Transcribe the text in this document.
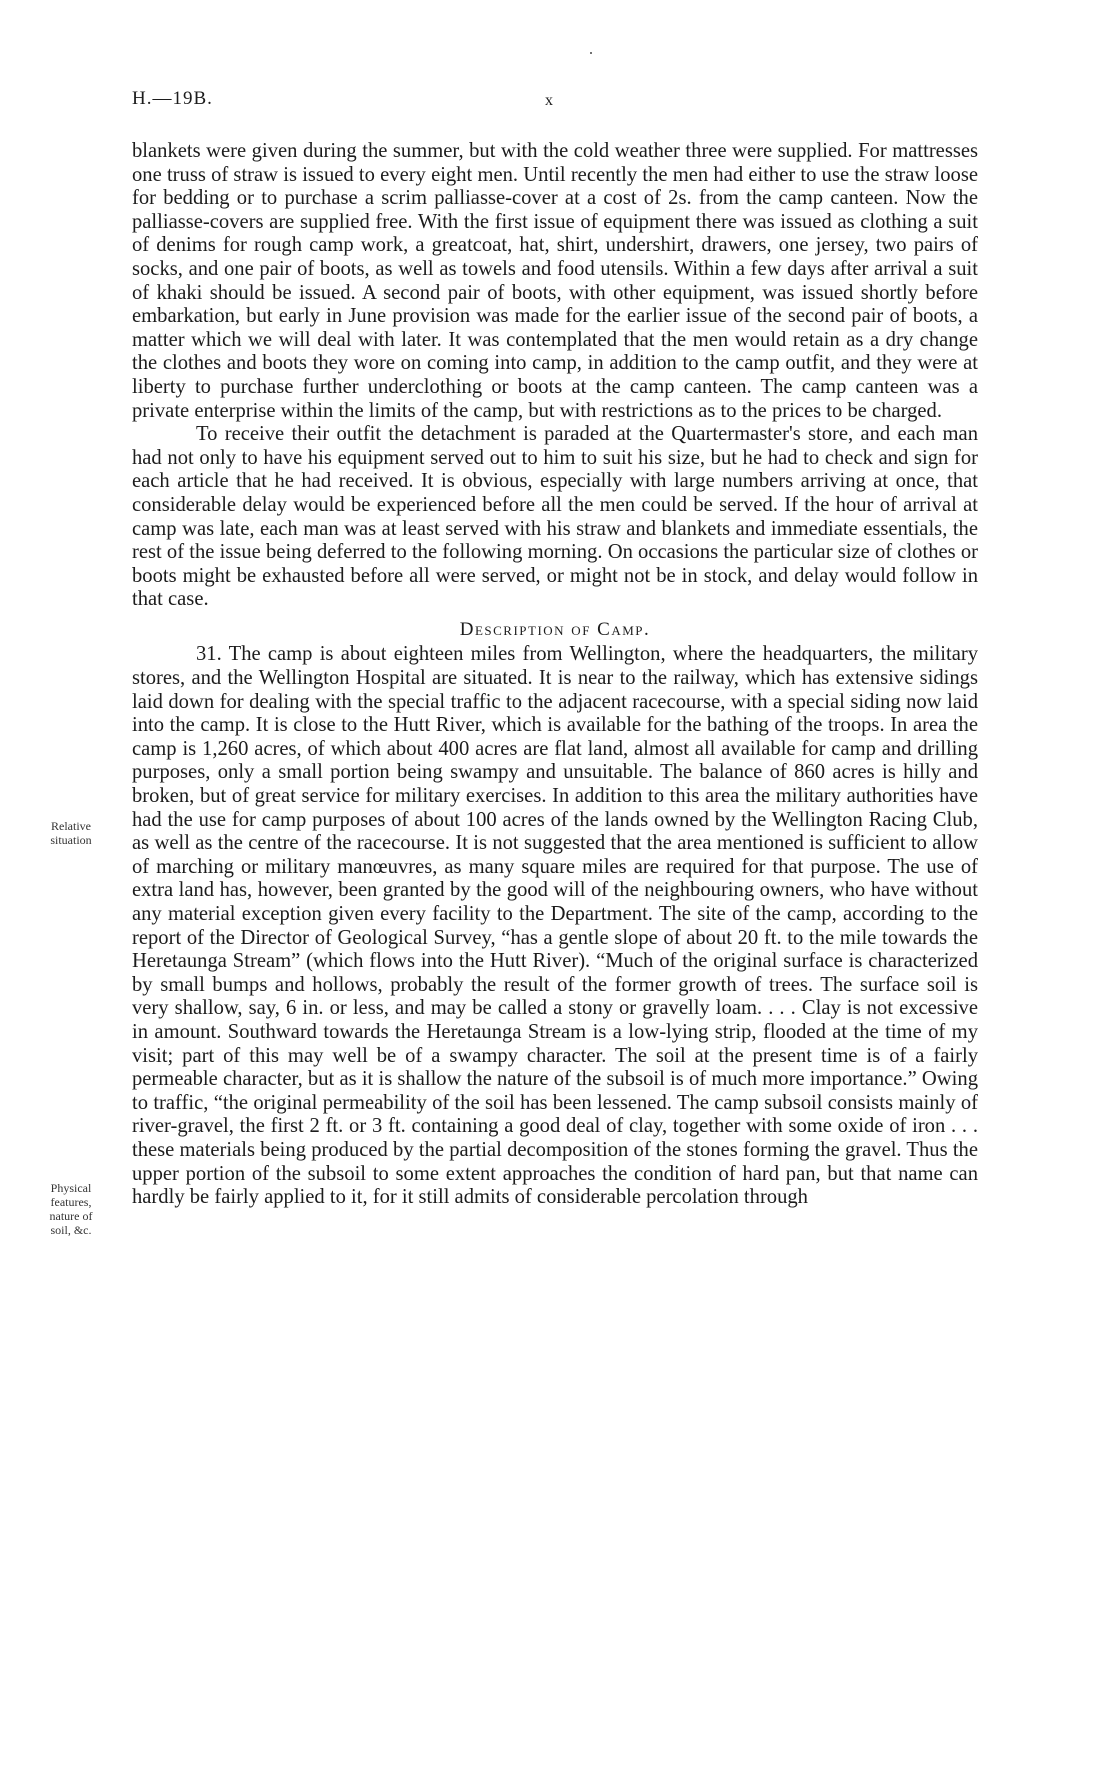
H.—19B.	x
Relative
situation
Physical
features,
nature of
soil, &c.

blankets were given during the summer, but with the cold weather three were supplied. For mattresses one truss of straw is issued to every eight men. Until recently the men had either to use the straw loose for bedding or to purchase a scrim palliasse-cover at a cost of 2s. from the camp canteen. Now the palliasse-covers are supplied free. With the first issue of equipment there was issued as clothing a suit of denims for rough camp work, a greatcoat, hat, shirt, undershirt, drawers, one jersey, two pairs of socks, and one pair of boots, as well as towels and food utensils. Within a few days after arrival a suit of khaki should be issued. A second pair of boots, with other equipment, was issued shortly before embarkation, but early in June provision was made for the earlier issue of the second pair of boots, a matter which we will deal with later. It was contemplated that the men would retain as a dry change the clothes and boots they wore on coming into camp, in addition to the camp outfit, and they were at liberty to purchase further underclothing or boots at the camp canteen. The camp canteen was a private enterprise within the limits of the camp, but with restrictions as to the prices to be charged.

To receive their outfit the detachment is paraded at the Quartermaster's store, and each man had not only to have his equipment served out to him to suit his size, but he had to check and sign for each article that he had received. It is obvious, especially with large numbers arriving at once, that considerable delay would be experienced before all the men could be served. If the hour of arrival at camp was late, each man was at least served with his straw and blankets and immediate essentials, the rest of the issue being deferred to the following morning. On occasions the particular size of clothes or boots might be exhausted before all were served, or might not be in stock, and delay would follow in that case.

Description of Camp.

31. The camp is about eighteen miles from Wellington, where the headquarters, the military stores, and the Wellington Hospital are situated. It is near to the railway, which has extensive sidings laid down for dealing with the special traffic to the adjacent racecourse, with a special siding now laid into the camp. It is close to the Hutt River, which is available for the bathing of the troops. In area the camp is 1,260 acres, of which about 400 acres are flat land, almost all available for camp and drilling purposes, only a small portion being swampy and unsuitable. The balance of 860 acres is hilly and broken, but of great service for military exercises. In addition to this area the military authorities have had the use for camp purposes of about 100 acres of the lands owned by the Wellington Racing Club, as well as the centre of the racecourse. It is not suggested that the area mentioned is sufficient to allow of marching or military manœuvres, as many square miles are required for that purpose. The use of extra land has, however, been granted by the good will of the neighbouring owners, who have without any material exception given every facility to the Department. The site of the camp, according to the report of the Director of Geological Survey, “has a gentle slope of about 20 ft. to the mile towards the Heretaunga Stream” (which flows into the Hutt River). “Much of the original surface is characterized by small bumps and hollows, probably the result of the former growth of trees. The surface soil is very shallow, say, 6 in. or less, and may be called a stony or gravelly loam. . . . Clay is not excessive in amount. Southward towards the Heretaunga Stream is a low-lying strip, flooded at the time of my visit; part of this may well be of a swampy character. The soil at the present time is of a fairly permeable character, but as it is shallow the nature of the subsoil is of much more importance.” Owing to traffic, “the original permeability of the soil has been lessened. The camp subsoil consists mainly of river-gravel, the first 2 ft. or 3 ft. containing a good deal of clay, together with some oxide of iron . . . these materials being produced by the partial decomposition of the stones forming the gravel. Thus the upper portion of the subsoil to some extent approaches the condition of hard pan, but that name can hardly be fairly applied to it, for it still admits of considerable percolation through
